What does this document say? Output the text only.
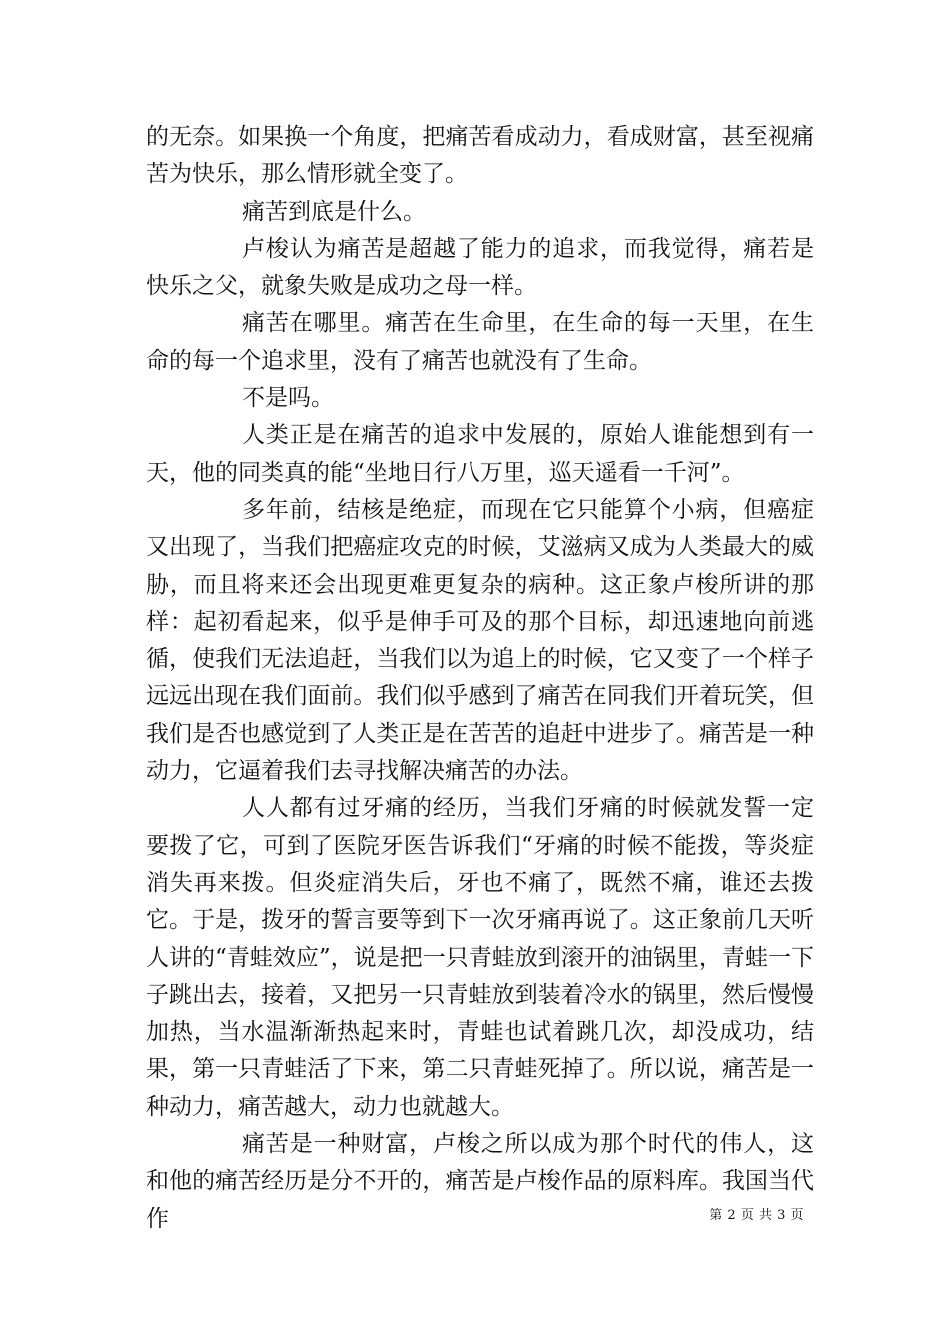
的无奈。如果换一个角度，把痛苦看成动力，看成财富，甚至视痛苦为快乐，那么情形就全变了。

痛苦到底是什么。

卢梭认为痛苦是超越了能力的追求，而我觉得，痛若是快乐之父，就象失败是成功之母一样。

痛苦在哪里。痛苦在生命里，在生命的每一天里，在生命的每一个追求里，没有了痛苦也就没有了生命。

不是吗。

人类正是在痛苦的追求中发展的，原始人谁能想到有一天，他的同类真的能“坐地日行八万里，巡天遥看一千河”。

多年前，结核是绝症，而现在它只能算个小病，但癌症又出现了，当我们把癌症攻克的时候，艾滋病又成为人类最大的威胁，而且将来还会出现更难更复杂的病种。这正象卢梭所讲的那样：起初看起来，似乎是伸手可及的那个目标，却迅速地向前逃循，使我们无法追赶，当我们以为追上的时候，它又变了一个样子远远出现在我们面前。我们似乎感到了痛苦在同我们开着玩笑，但我们是否也感觉到了人类正是在苦苦的追赶中进步了。痛苦是一种动力，它逼着我们去寻找解决痛苦的办法。

人人都有过牙痛的经历，当我们牙痛的时候就发誓一定要拨了它，可到了医院牙医告诉我们“牙痛的时候不能拨，等炎症消失再来拨。但炎症消失后，牙也不痛了，既然不痛，谁还去拨它。于是，拨牙的誓言要等到下一次牙痛再说了。这正象前几天听人讲的“青蛙效应”，说是把一只青蛙放到滚开的油锅里，青蛙一下子跳出去，接着，又把另一只青蛙放到装着冷水的锅里，然后慢慢加热，当水温渐渐热起来时，青蛙也试着跳几次，却没成功，结果，第一只青蛙活了下来，第二只青蛙死掉了。所以说，痛苦是一种动力，痛苦越大，动力也就越大。

痛苦是一种财富，卢梭之所以成为那个时代的伟人，这和他的痛苦经历是分不开的，痛苦是卢梭作品的原料库。我国当代作	第 2 页 共 3 页
